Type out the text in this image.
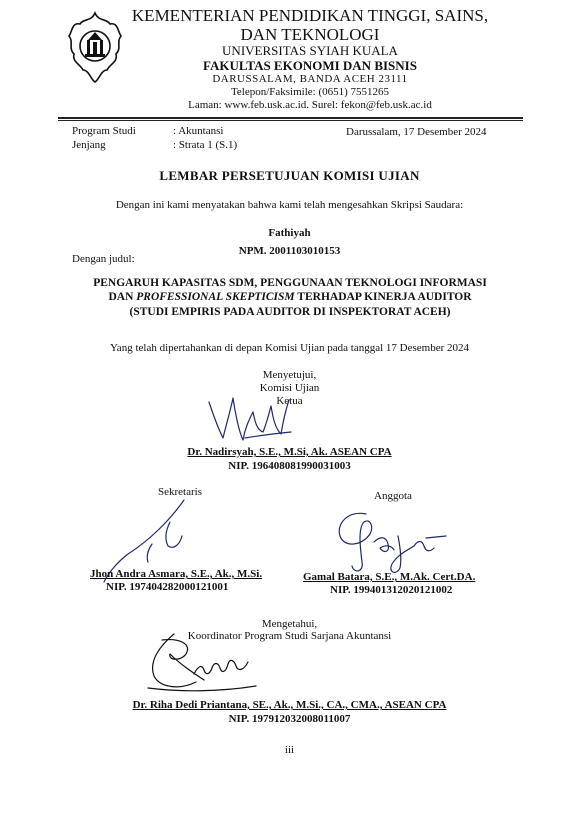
KEMENTERIAN PENDIDIKAN TINGGI, SAINS,
DAN TEKNOLOGI
UNIVERSITAS SYIAH KUALA
FAKULTAS EKONOMI DAN BISNIS
DARUSSALAM, BANDA ACEH 23111
Telepon/Faksimile: (0651) 7551265
Laman: www.feb.usk.ac.id. Surel: fekon@feb.usk.ac.id
Program Studi	: Akuntansi
Jenjang	: Strata 1 (S.1)
Darussalam, 17 Desember 2024
LEMBAR PERSETUJUAN KOMISI UJIAN
Dengan ini kami menyatakan bahwa kami telah mengesahkan Skripsi Saudara:
Fathiyah
NPM. 2001103010153
Dengan judul:
PENGARUH KAPASITAS SDM, PENGGUNAAN TEKNOLOGI INFORMASI
DAN PROFESSIONAL SKEPTICISM TERHADAP KINERJA AUDITOR
(STUDI EMPIRIS PADA AUDITOR DI INSPEKTORAT ACEH)
Yang telah dipertahankan di depan Komisi Ujian pada tanggal 17 Desember 2024
Menyetujui,
Komisi Ujian
Ketua
Dr. Nadirsyah, S.E., M.Si, Ak. ASEAN CPA
NIP. 196408081990031003
Sekretaris	Anggota
Jhon Andra Asmara, S.E., Ak., M.Si.
NIP. 197404282000121001
Gamal Batara, S.E., M.Ak. Cert.DA.
NIP. 199401312020121002
Mengetahui,
Koordinator Program Studi Sarjana Akuntansi
Dr. Riha Dedi Priantana, SE., Ak., M.Si., CA., CMA., ASEAN CPA
NIP. 197912032008011007
iii
